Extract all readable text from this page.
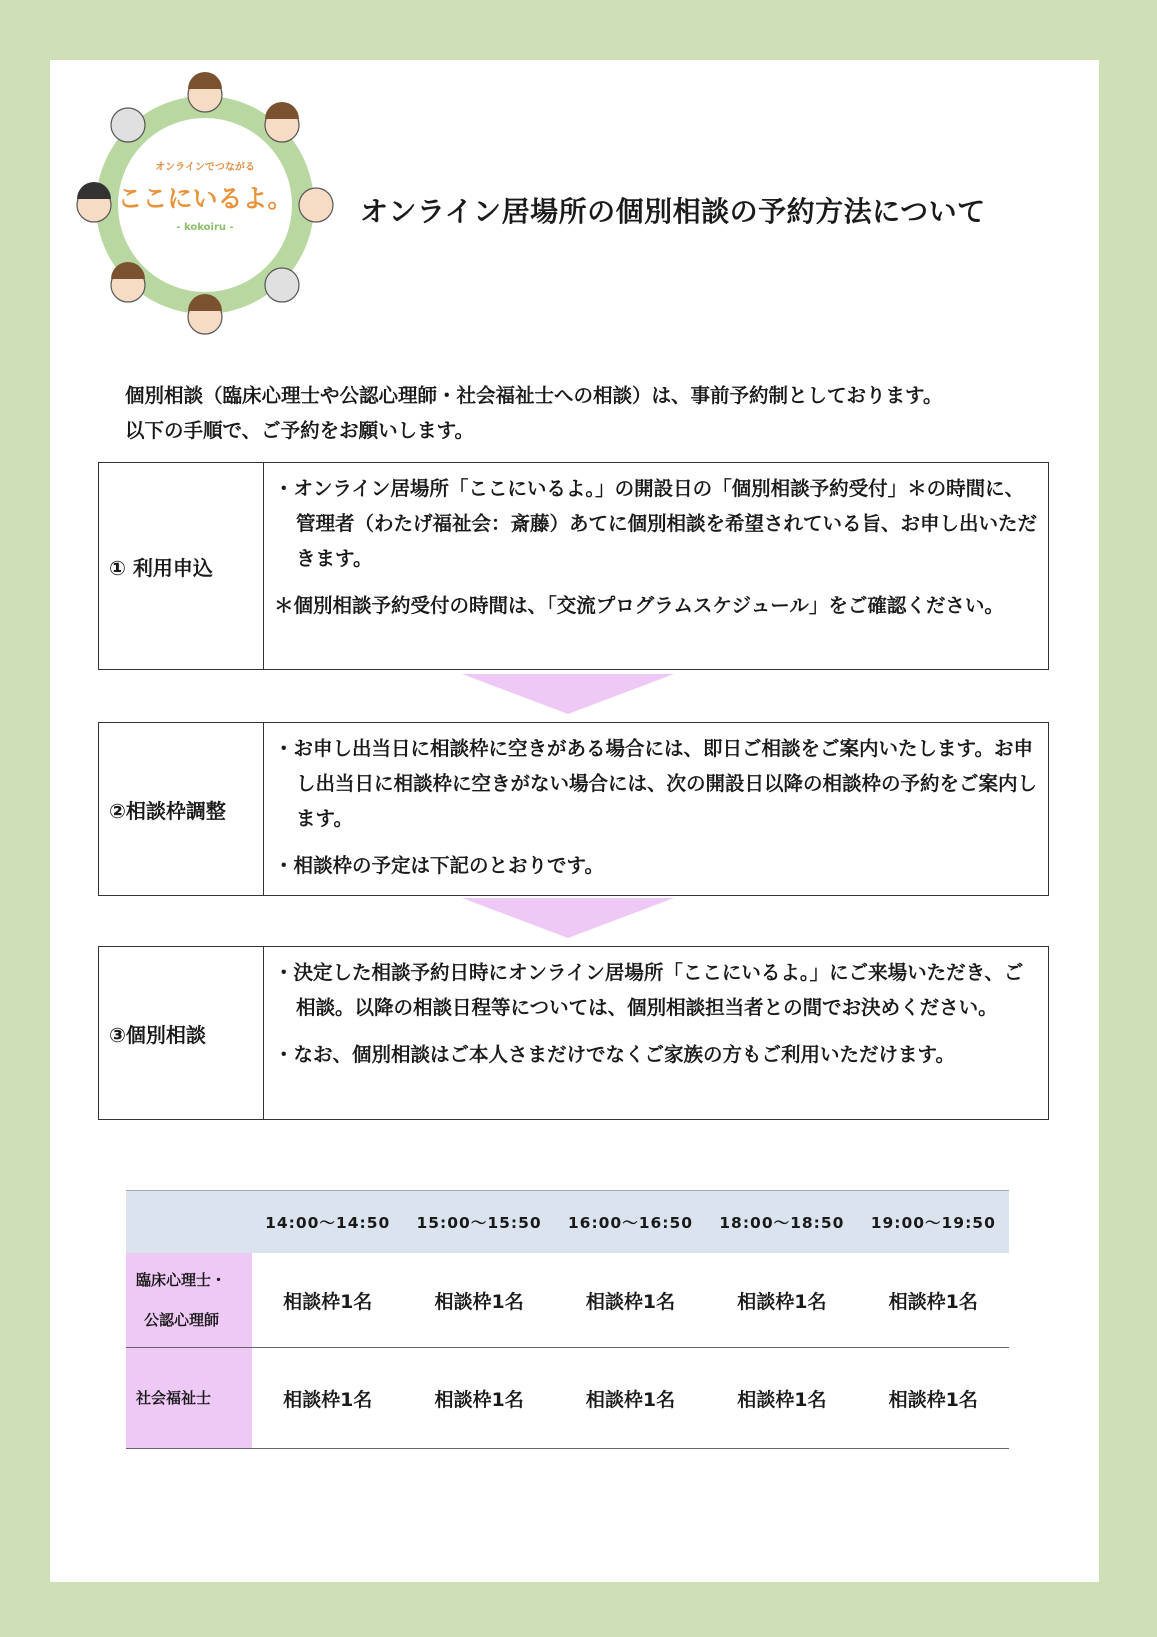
オンラインでつながる
ここにいるよ。
- kokoiru -	オンライン居場所の個別相談の予約方法について
個別相談（臨床心理士や公認心理師・社会福祉士への相談）は、事前予約制としております。
以下の手順で、ご予約をお願いします。
① 利用申込

・オンライン居場所「ここにいるよ。」の開設日の「個別相談予約受付」＊の時間に、管理者（わたげ福祉会：斎藤）あてに個別相談を希望されている旨、お申し出いただきます。

＊個別相談予約受付の時間は、「交流プログラムスケジュール」をご確認ください。

②相談枠調整

・お申し出当日に相談枠に空きがある場合には、即日ご相談をご案内いたします。お申し出当日に相談枠に空きがない場合には、次の開設日以降の相談枠の予約をご案内します。

・相談枠の予定は下記のとおりです。

③個別相談

・決定した相談予約日時にオンライン居場所「ここにいるよ。」にご来場いただき、ご相談。以降の相談日程等については、個別相談担当者との間でお決めください。

・なお、個別相談はご本人さまだけでなくご家族の方もご利用いただけます。

	14:00〜14:50	15:00〜15:50	16:00〜16:50	18:00〜18:50	19:00〜19:50

臨床心理士・
公認心理師	相談枠1名	相談枠1名	相談枠1名	相談枠1名	相談枠1名
社会福祉士	相談枠1名	相談枠1名	相談枠1名	相談枠1名	相談枠1名
